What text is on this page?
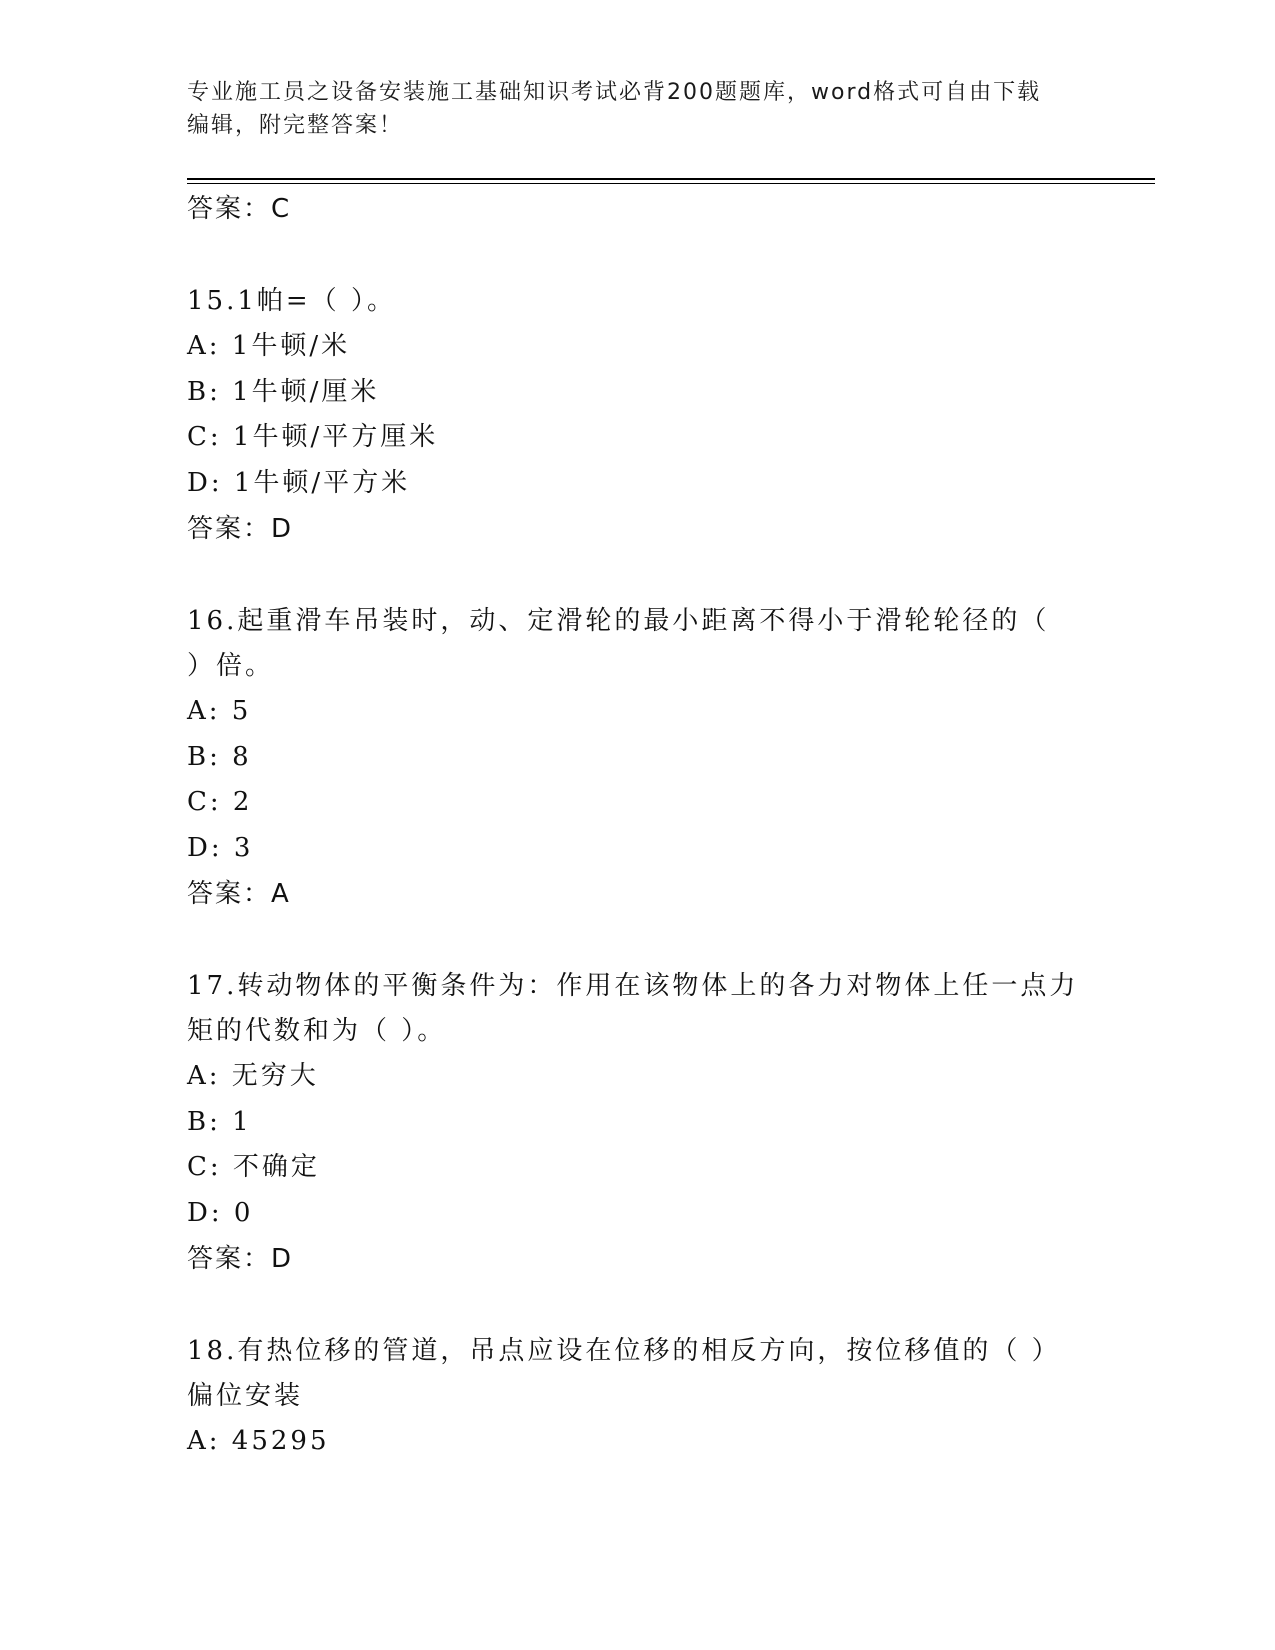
专业施工员之设备安装施工基础知识考试必背200题题库，word格式可自由下载
编辑，附完整答案！
答案：C
15.1帕=（ ）。
A: 1牛顿/米
B: 1牛顿/厘米
C: 1牛顿/平方厘米
D: 1牛顿/平方米
答案：D
16.起重滑车吊装时，动、定滑轮的最小距离不得小于滑轮轮径的（
）倍。
A: 5
B: 8
C: 2
D: 3
答案：A
17.转动物体的平衡条件为：作用在该物体上的各力对物体上任一点力
矩的代数和为（ ）。
A: 无穷大
B: 1
C: 不确定
D: 0
答案：D
18.有热位移的管道，吊点应设在位移的相反方向，按位移值的（ ）
偏位安装
A: 45295
